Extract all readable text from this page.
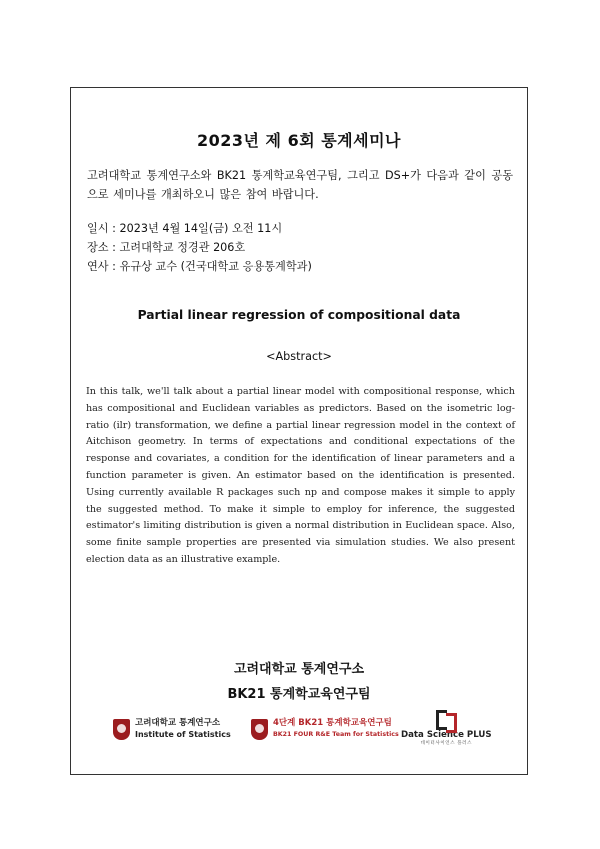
2023년 제 6회 통계세미나
고려대학교 통계연구소와 BK21 통계학교육연구팀, 그리고 DS+가 다음과 같이 공동으로 세미나를 개최하오니 많은 참여 바랍니다.
일시 : 2023년 4월 14일(금) 오전 11시
장소 : 고려대학교 정경관 206호
연사 : 유규상 교수 (건국대학교 응용통계학과)
Partial linear regression of compositional data
<Abstract>
In this talk, we'll talk about a partial linear model with compositional response, which has compositional and Euclidean variables as predictors. Based on the isometric log-ratio (ilr) transformation, we define a partial linear regression model in the context of Aitchison geometry. In terms of expectations and conditional expectations of the response and covariates, a condition for the identification of linear parameters and a function parameter is given. An estimator based on the identification is presented. Using currently available R packages such np and compose makes it simple to apply the suggested method. To make it simple to employ for inference, the suggested estimator's limiting distribution is given a normal distribution in Euclidean space. Also, some finite sample properties are presented via simulation studies. We also present election data as an illustrative example.
고려대학교 통계연구소
BK21 통계학교육연구팀
고려대학교 통계연구소
Institute of Statistics
4단계 BK21 통계학교육연구팀
BK21 FOUR R&E Team for Statistics Data Science PLUS
데이터사이언스 플러스
